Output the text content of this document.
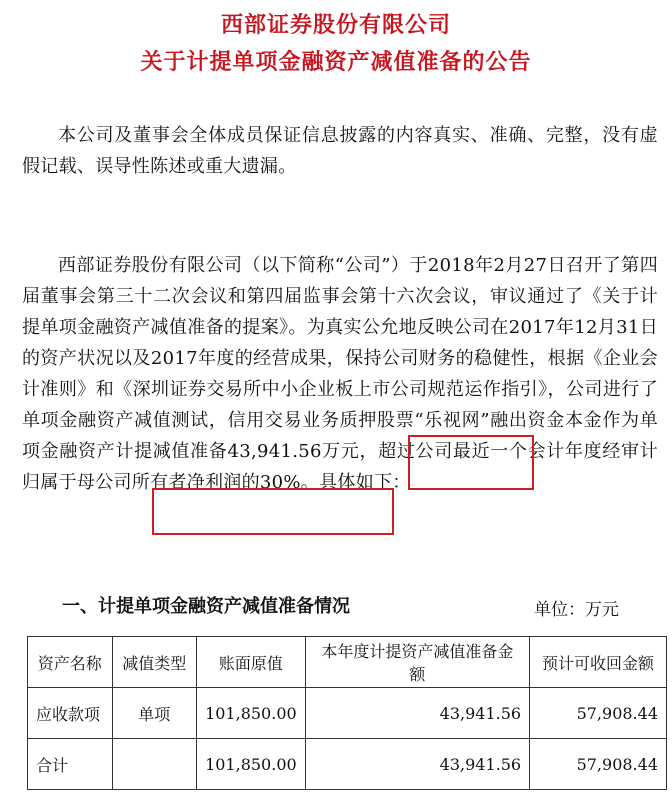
西部证券股份有限公司
关于计提单项金融资产减值准备的公告
本公司及董事会全体成员保证信息披露的内容真实、准确、完整，没有虚假记载、误导性陈述或重大遗漏。
西部证券股份有限公司（以下简称“公司”）于2018年2月27日召开了第四届董事会第三十二次会议和第四届监事会第十六次会议，审议通过了《关于计提单项金融资产减值准备的提案》。为真实公允地反映公司在2017年12月31日的资产状况以及2017年度的经营成果，保持公司财务的稳健性，根据《企业会计准则》和《深圳证券交易所中小企业板上市公司规范运作指引》，公司进行了单项金融资产减值测试，信用交易业务质押股票“乐视网”融出资金本金作为单项金融资产计提减值准备43,941.56万元，超过公司最近一个会计年度经审计归属于母公司所有者净利润的30%。具体如下：
一、计提单项金融资产减值准备情况	单位：万元
资产名称	减值类型	账面原值	本年度计提资产减值准备金额	预计可收回金额
应收款项	单项	101,850.00	43,941.56	57,908.44
合计		101,850.00	43,941.56	57,908.44
